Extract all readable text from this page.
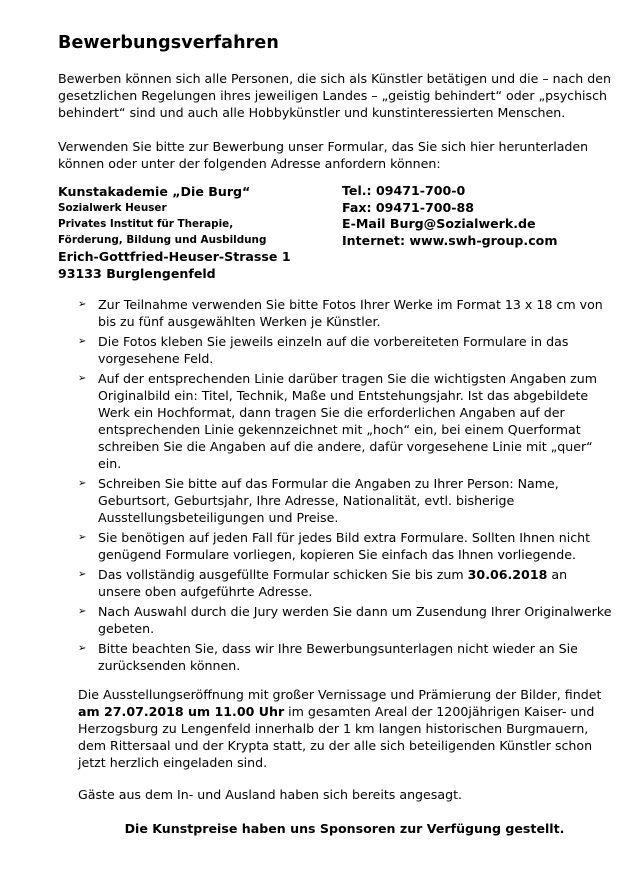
Bewerbungsverfahren

Bewerben können sich alle Personen, die sich als Künstler betätigen und die – nach den gesetzlichen Regelungen ihres jeweiligen Landes – „geistig behindert“ oder „psychisch behindert“ sind und auch alle Hobbykünstler und kunstinteressierten Menschen.

Verwenden Sie bitte zur Bewerbung unser Formular, das Sie sich hier herunterladen können oder unter der folgenden Adresse anfordern können:

Kunstakademie „Die Burg“
Sozialwerk Heuser
Privates Institut für Therapie,
Förderung, Bildung und Ausbildung
Erich-Gottfried-Heuser-Strasse 1
93133 Burglengenfeld
Tel.: 09471-700-0
Fax: 09471-700-88
E-Mail Burg@Sozialwerk.de
Internet: www.swh-group.com
➢ Zur Teilnahme verwenden Sie bitte Fotos Ihrer Werke im Format 13 x 18 cm von bis zu fünf ausgewählten Werken je Künstler.
➢ Die Fotos kleben Sie jeweils einzeln auf die vorbereiteten Formulare in das vorgesehene Feld.
➢ Auf der entsprechenden Linie darüber tragen Sie die wichtigsten Angaben zum Originalbild ein: Titel, Technik, Maße und Entstehungsjahr. Ist das abgebildete Werk ein Hochformat, dann tragen Sie die erforderlichen Angaben auf der entsprechenden Linie gekennzeichnet mit „hoch“ ein, bei einem Querformat schreiben Sie die Angaben auf die andere, dafür vorgesehene Linie mit „quer“ ein.
➢ Schreiben Sie bitte auf das Formular die Angaben zu Ihrer Person: Name, Geburtsort, Geburtsjahr, Ihre Adresse, Nationalität, evtl. bisherige Ausstellungsbeteiligungen und Preise.
➢ Sie benötigen auf jeden Fall für jedes Bild extra Formulare. Sollten Ihnen nicht genügend Formulare vorliegen, kopieren Sie einfach das Ihnen vorliegende.
➢ Das vollständig ausgefüllte Formular schicken Sie bis zum 30.06.2018 an unsere oben aufgeführte Adresse.
➢ Nach Auswahl durch die Jury werden Sie dann um Zusendung Ihrer Originalwerke gebeten.
➢ Bitte beachten Sie, dass wir Ihre Bewerbungsunterlagen nicht wieder an Sie zurücksenden können.

Die Ausstellungseröffnung mit großer Vernissage und Prämierung der Bilder, findet am 27.07.2018 um 11.00 Uhr im gesamten Areal der 1200jährigen Kaiser- und Herzogsburg zu Lengenfeld innerhalb der 1 km langen historischen Burgmauern, dem Rittersaal und der Krypta statt, zu der alle sich beteiligenden Künstler schon jetzt herzlich eingeladen sind.

Gäste aus dem In- und Ausland haben sich bereits angesagt.

Die Kunstpreise haben uns Sponsoren zur Verfügung gestellt.
